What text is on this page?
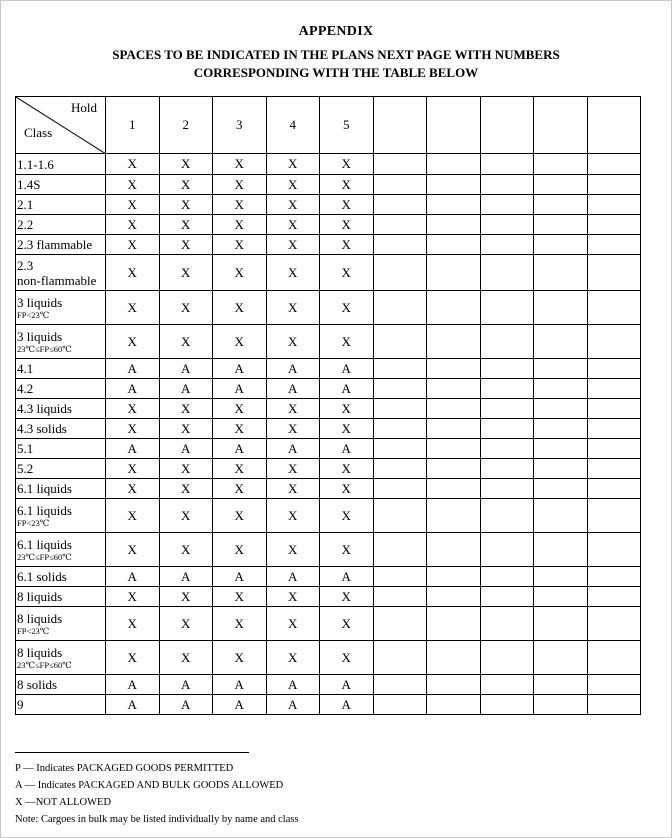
APPENDIX
SPACES TO BE INDICATED IN THE PLANS NEXT PAGE WITH NUMBERS
CORRESPONDING WITH THE TABLE BELOW
Hold
Class	1	2	3	4	5					
1.1-1.6	X	X	X	X	X					
1.4S	X	X	X	X	X					
2.1	X	X	X	X	X					
2.2	X	X	X	X	X					
2.3 flammable	X	X	X	X	X					
2.3
non-flammable	X	X	X	X	X					
3 liquids
FP<23℃	X	X	X	X	X					
3 liquids
23℃≤FP≤60℃	X	X	X	X	X					
4.1	A	A	A	A	A					
4.2	A	A	A	A	A					
4.3 liquids	X	X	X	X	X					
4.3 solids	X	X	X	X	X					
5.1	A	A	A	A	A					
5.2	X	X	X	X	X					
6.1 liquids	X	X	X	X	X					
6.1 liquids
FP<23℃	X	X	X	X	X					
6.1 liquids
23℃≤FP≤60℃	X	X	X	X	X					
6.1 solids	A	A	A	A	A					
8 liquids	X	X	X	X	X					
8 liquids
FP<23℃	X	X	X	X	X					
8 liquids
23℃≤FP≤60℃	X	X	X	X	X					
8 solids	A	A	A	A	A					
9	A	A	A	A	A					
P — Indicates PACKAGED GOODS PERMITTED
A — Indicates PACKAGED AND BULK GOODS ALLOWED
X —NOT ALLOWED
Note: Cargoes in bulk may be listed individually by name and class
